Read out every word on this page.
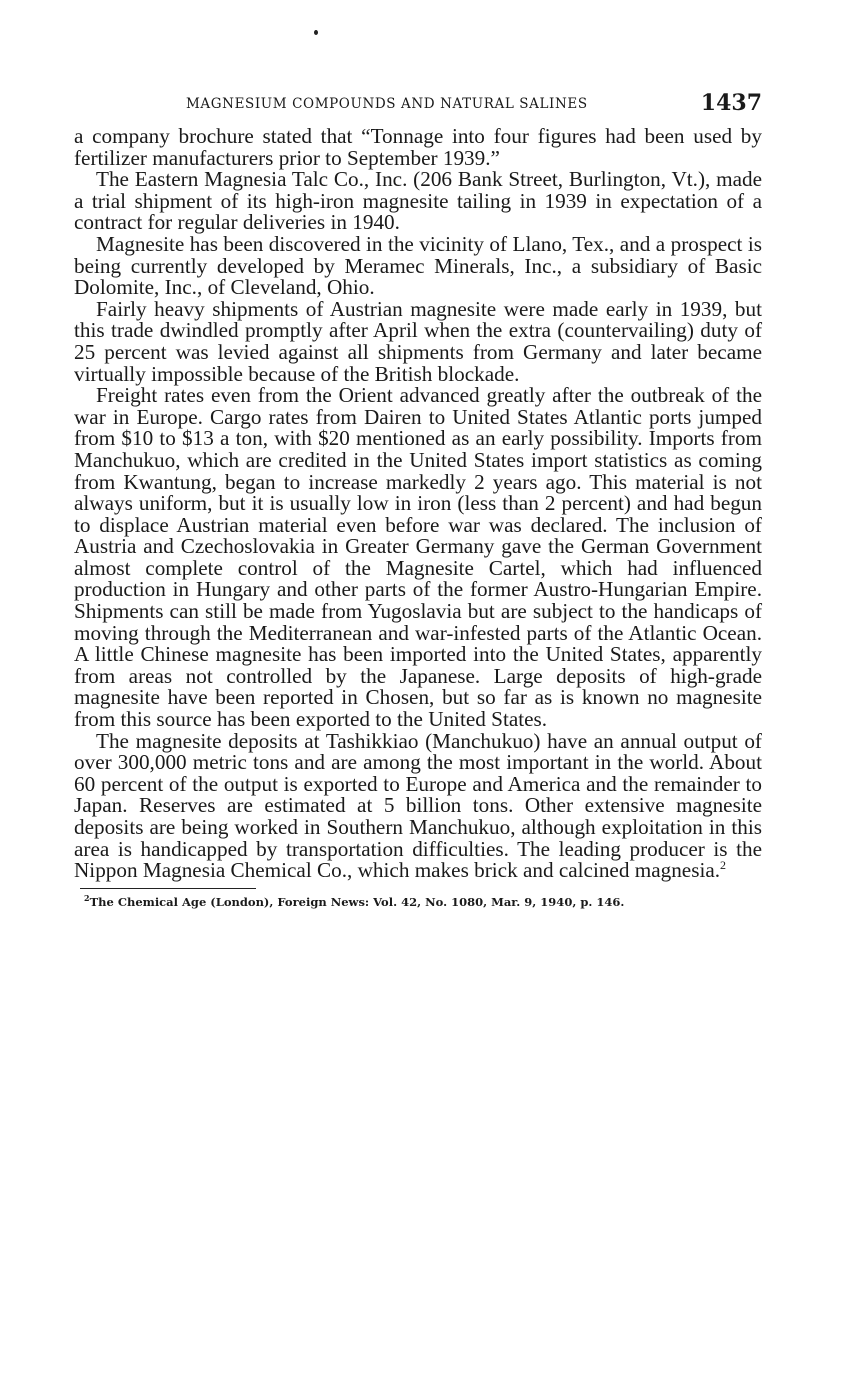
MAGNESIUM COMPOUNDS AND NATURAL SALINES	1437

a company brochure stated that “Tonnage into four figures had been used by fertilizer manufacturers prior to September 1939.”

The Eastern Magnesia Talc Co., Inc. (206 Bank Street, Burlington, Vt.), made a trial shipment of its high-iron magnesite tailing in 1939 in expectation of a contract for regular deliveries in 1940.

Magnesite has been discovered in the vicinity of Llano, Tex., and a prospect is being currently developed by Meramec Minerals, Inc., a subsidiary of Basic Dolomite, Inc., of Cleveland, Ohio.

Fairly heavy shipments of Austrian magnesite were made early in 1939, but this trade dwindled promptly after April when the extra (countervailing) duty of 25 percent was levied against all shipments from Germany and later became virtually impossible because of the British blockade.

Freight rates even from the Orient advanced greatly after the outbreak of the war in Europe. Cargo rates from Dairen to United States Atlantic ports jumped from $10 to $13 a ton, with $20 mentioned as an early possibility. Imports from Manchukuo, which are credited in the United States import statistics as coming from Kwantung, began to increase markedly 2 years ago. This material is not always uniform, but it is usually low in iron (less than 2 percent) and had begun to displace Austrian material even before war was declared. The inclusion of Austria and Czechoslovakia in Greater Germany gave the German Government almost complete control of the Magnesite Cartel, which had influenced production in Hungary and other parts of the former Austro-Hungarian Empire. Shipments can still be made from Yugoslavia but are subject to the handicaps of moving through the Mediterranean and war-infested parts of the Atlantic Ocean. A little Chinese magnesite has been imported into the United States, apparently from areas not controlled by the Japanese. Large deposits of high-grade magnesite have been reported in Chosen, but so far as is known no magnesite from this source has been exported to the United States.

The magnesite deposits at Tashikkiao (Manchukuo) have an annual output of over 300,000 metric tons and are among the most important in the world. About 60 percent of the output is exported to Europe and America and the remainder to Japan. Reserves are estimated at 5 billion tons. Other extensive magnesite deposits are being worked in Southern Manchukuo, although exploitation in this area is handicapped by transportation difficulties. The leading producer is the Nippon Magnesia Chemical Co., which makes brick and calcined magnesia.$^2$

$^2$The Chemical Age (London), Foreign News: Vol. 42, No. 1080, Mar. 9, 1940, p. 146.
